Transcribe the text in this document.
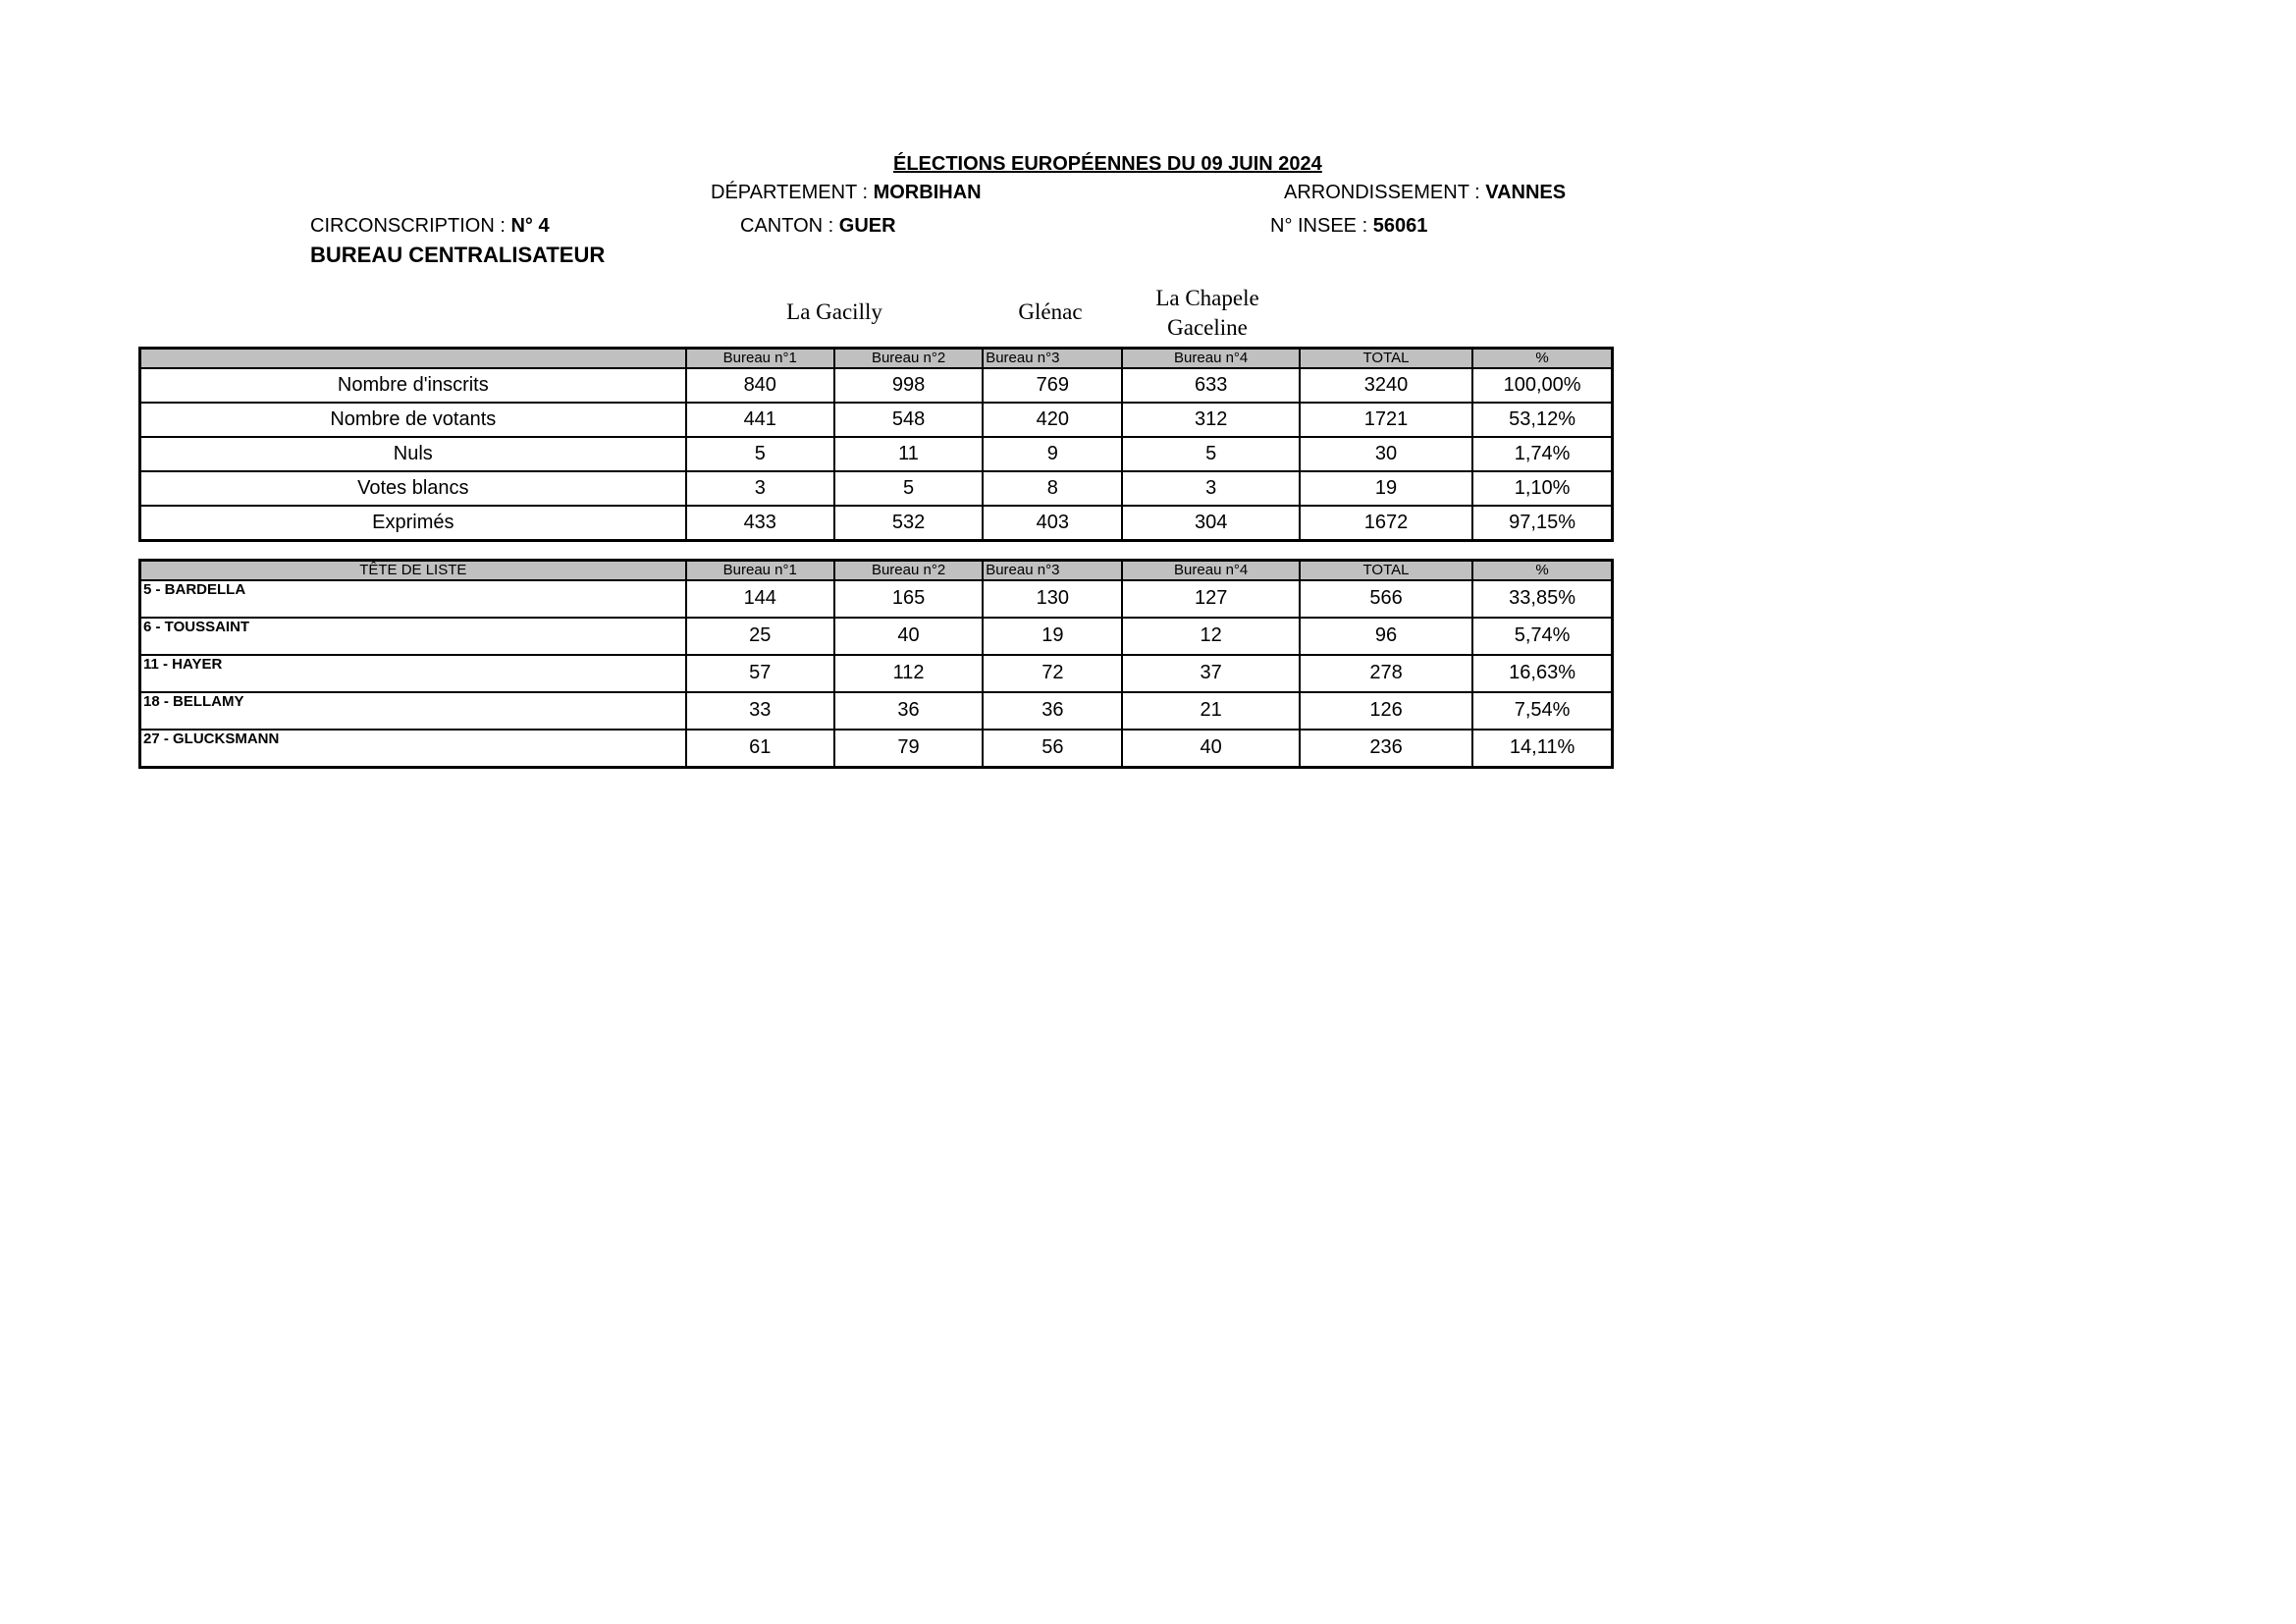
ÉLECTIONS EUROPÉENNES DU 09 JUIN 2024
DÉPARTEMENT : MORBIHAN	ARRONDISSEMENT : VANNES
CIRCONSCRIPTION : N° 4	CANTON : GUER	N° INSEE : 56061
BUREAU CENTRALISATEUR
La Gacilly	Glénac
La Chapele
Gaceline
	Bureau n°1	Bureau n°2	Bureau n°3	Bureau n°4	TOTAL	%
Nombre d'inscrits	840	998	769	633	3240	100,00%
Nombre de votants	441	548	420	312	1721	53,12%
Nuls	5	11	9	5	30	1,74%
Votes blancs	3	5	8	3	19	1,10%
Exprimés	433	532	403	304	1672	97,15%
TÊTE DE LISTE	Bureau n°1	Bureau n°2	Bureau n°3	Bureau n°4	TOTAL	%
5 - BARDELLA	144	165	130	127	566	33,85%
6 - TOUSSAINT	25	40	19	12	96	5,74%
11 - HAYER	57	112	72	37	278	16,63%
18 - BELLAMY	33	36	36	21	126	7,54%
27 - GLUCKSMANN	61	79	56	40	236	14,11%
